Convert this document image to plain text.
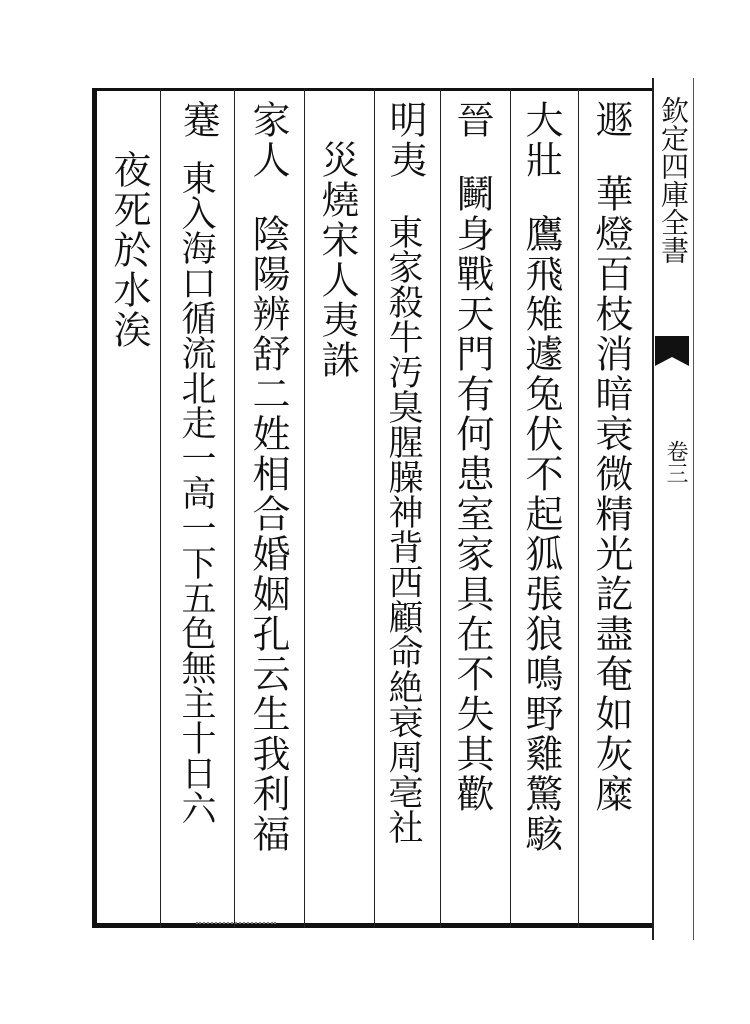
欽定四庫全書
卷三
遯
華燈百枝消暗衰微精光訖盡奄如灰糜
大壯
鷹飛雉遽兔伏不起狐張狼鳴野雞驚駭
晉
鬭身戰天門有何患室家具在不失其歡
明夷
東家殺牛汚臭腥臊神背西顧命絶衰周亳社
災燒宋人夷誅
家人
陰陽辨舒二姓相合婚姻孔云生我利福
蹇
東入海口循流北走一高一下五色無主十日六
夜死於水涘
